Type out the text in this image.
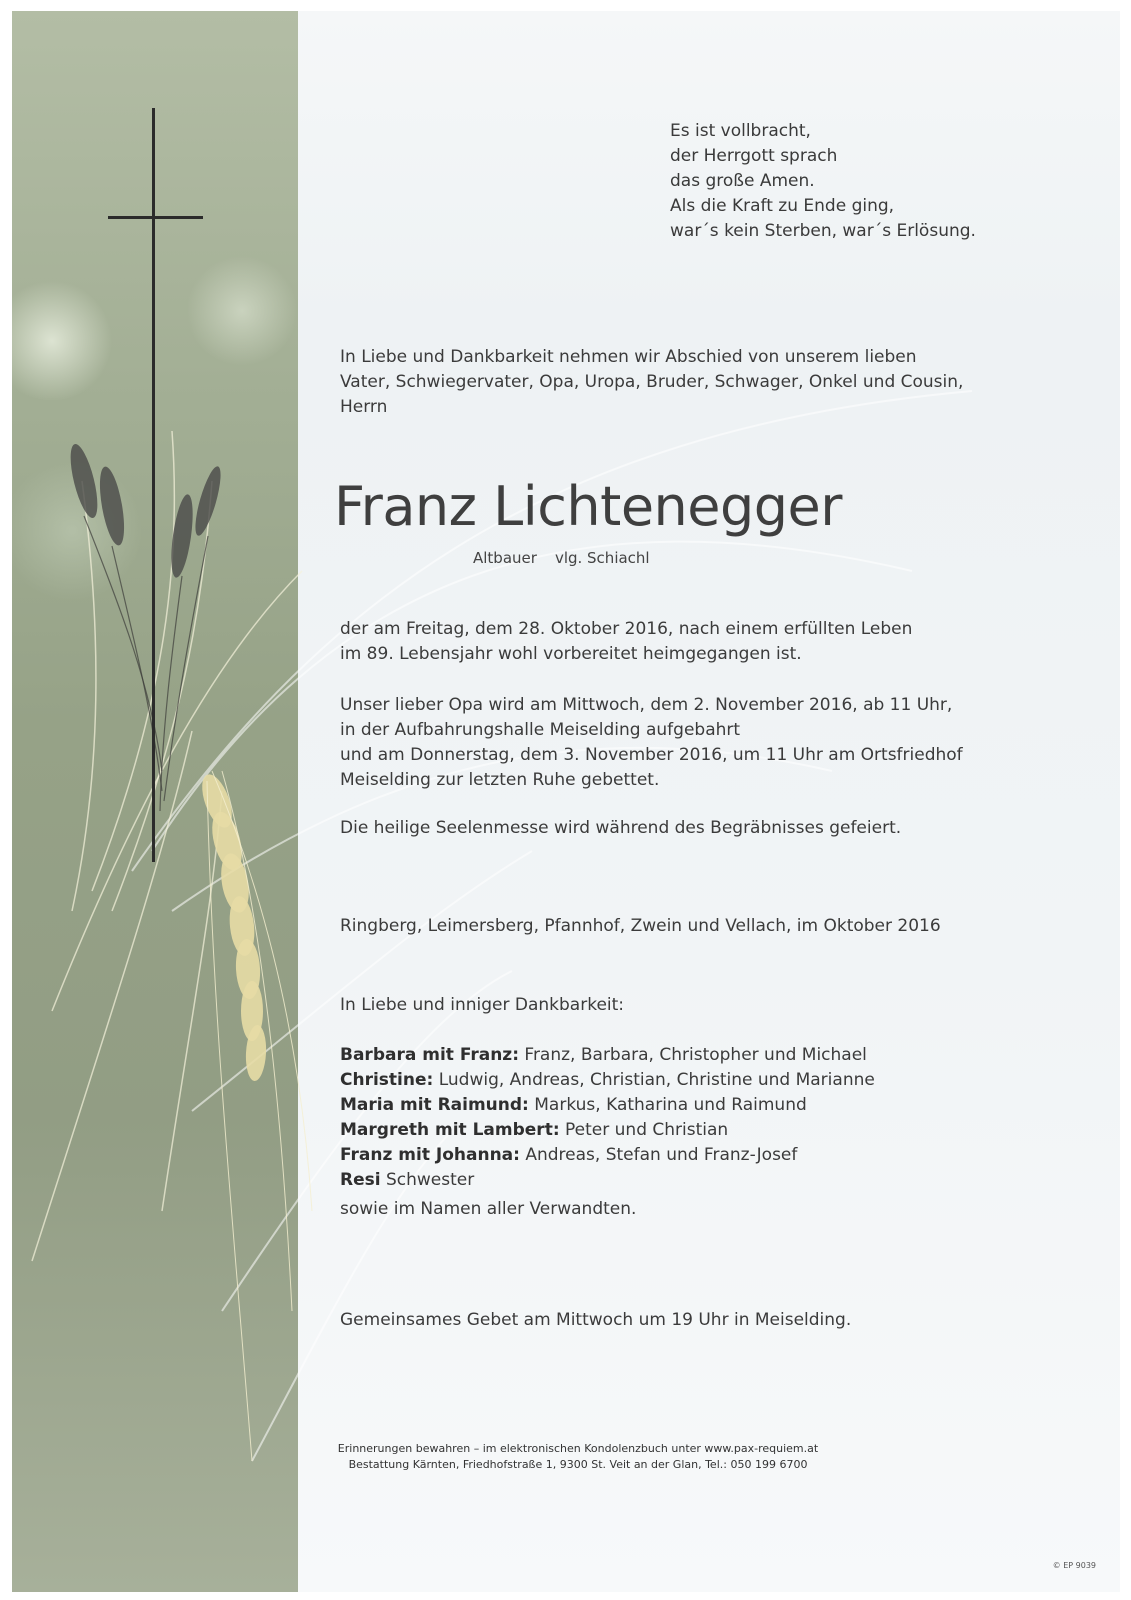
Es ist vollbracht,
der Herrgott sprach
das große Amen.
Als die Kraft zu Ende ging,
war´s kein Sterben, war´s Erlösung.
In Liebe und Dankbarkeit nehmen wir Abschied von unserem lieben
Vater, Schwiegervater, Opa, Uropa, Bruder, Schwager, Onkel und Cousin,
Herrn
Franz Lichtenegger
Altbauer vlg. Schiachl
der am Freitag, dem 28. Oktober 2016, nach einem erfüllten Leben
im 89. Lebensjahr wohl vorbereitet heimgegangen ist.
Unser lieber Opa wird am Mittwoch, dem 2. November 2016, ab 11 Uhr,
in der Aufbahrungshalle Meiselding aufgebahrt
und am Donnerstag, dem 3. November 2016, um 11 Uhr am Ortsfriedhof
Meiselding zur letzten Ruhe gebettet.
Die heilige Seelenmesse wird während des Begräbnisses gefeiert.
Ringberg, Leimersberg, Pfannhof, Zwein und Vellach, im Oktober 2016
In Liebe und inniger Dankbarkeit:
Barbara mit Franz: Franz, Barbara, Christopher und Michael
Christine: Ludwig, Andreas, Christian, Christine und Marianne
Maria mit Raimund: Markus, Katharina und Raimund
Margreth mit Lambert: Peter und Christian
Franz mit Johanna: Andreas, Stefan und Franz-Josef
Resi Schwester
sowie im Namen aller Verwandten.
Gemeinsames Gebet am Mittwoch um 19 Uhr in Meiselding.
Erinnerungen bewahren – im elektronischen Kondolenzbuch unter www.pax-requiem.at
Bestattung Kärnten, Friedhofstraße 1, 9300 St. Veit an der Glan, Tel.: 050 199 6700
© EP 9039
